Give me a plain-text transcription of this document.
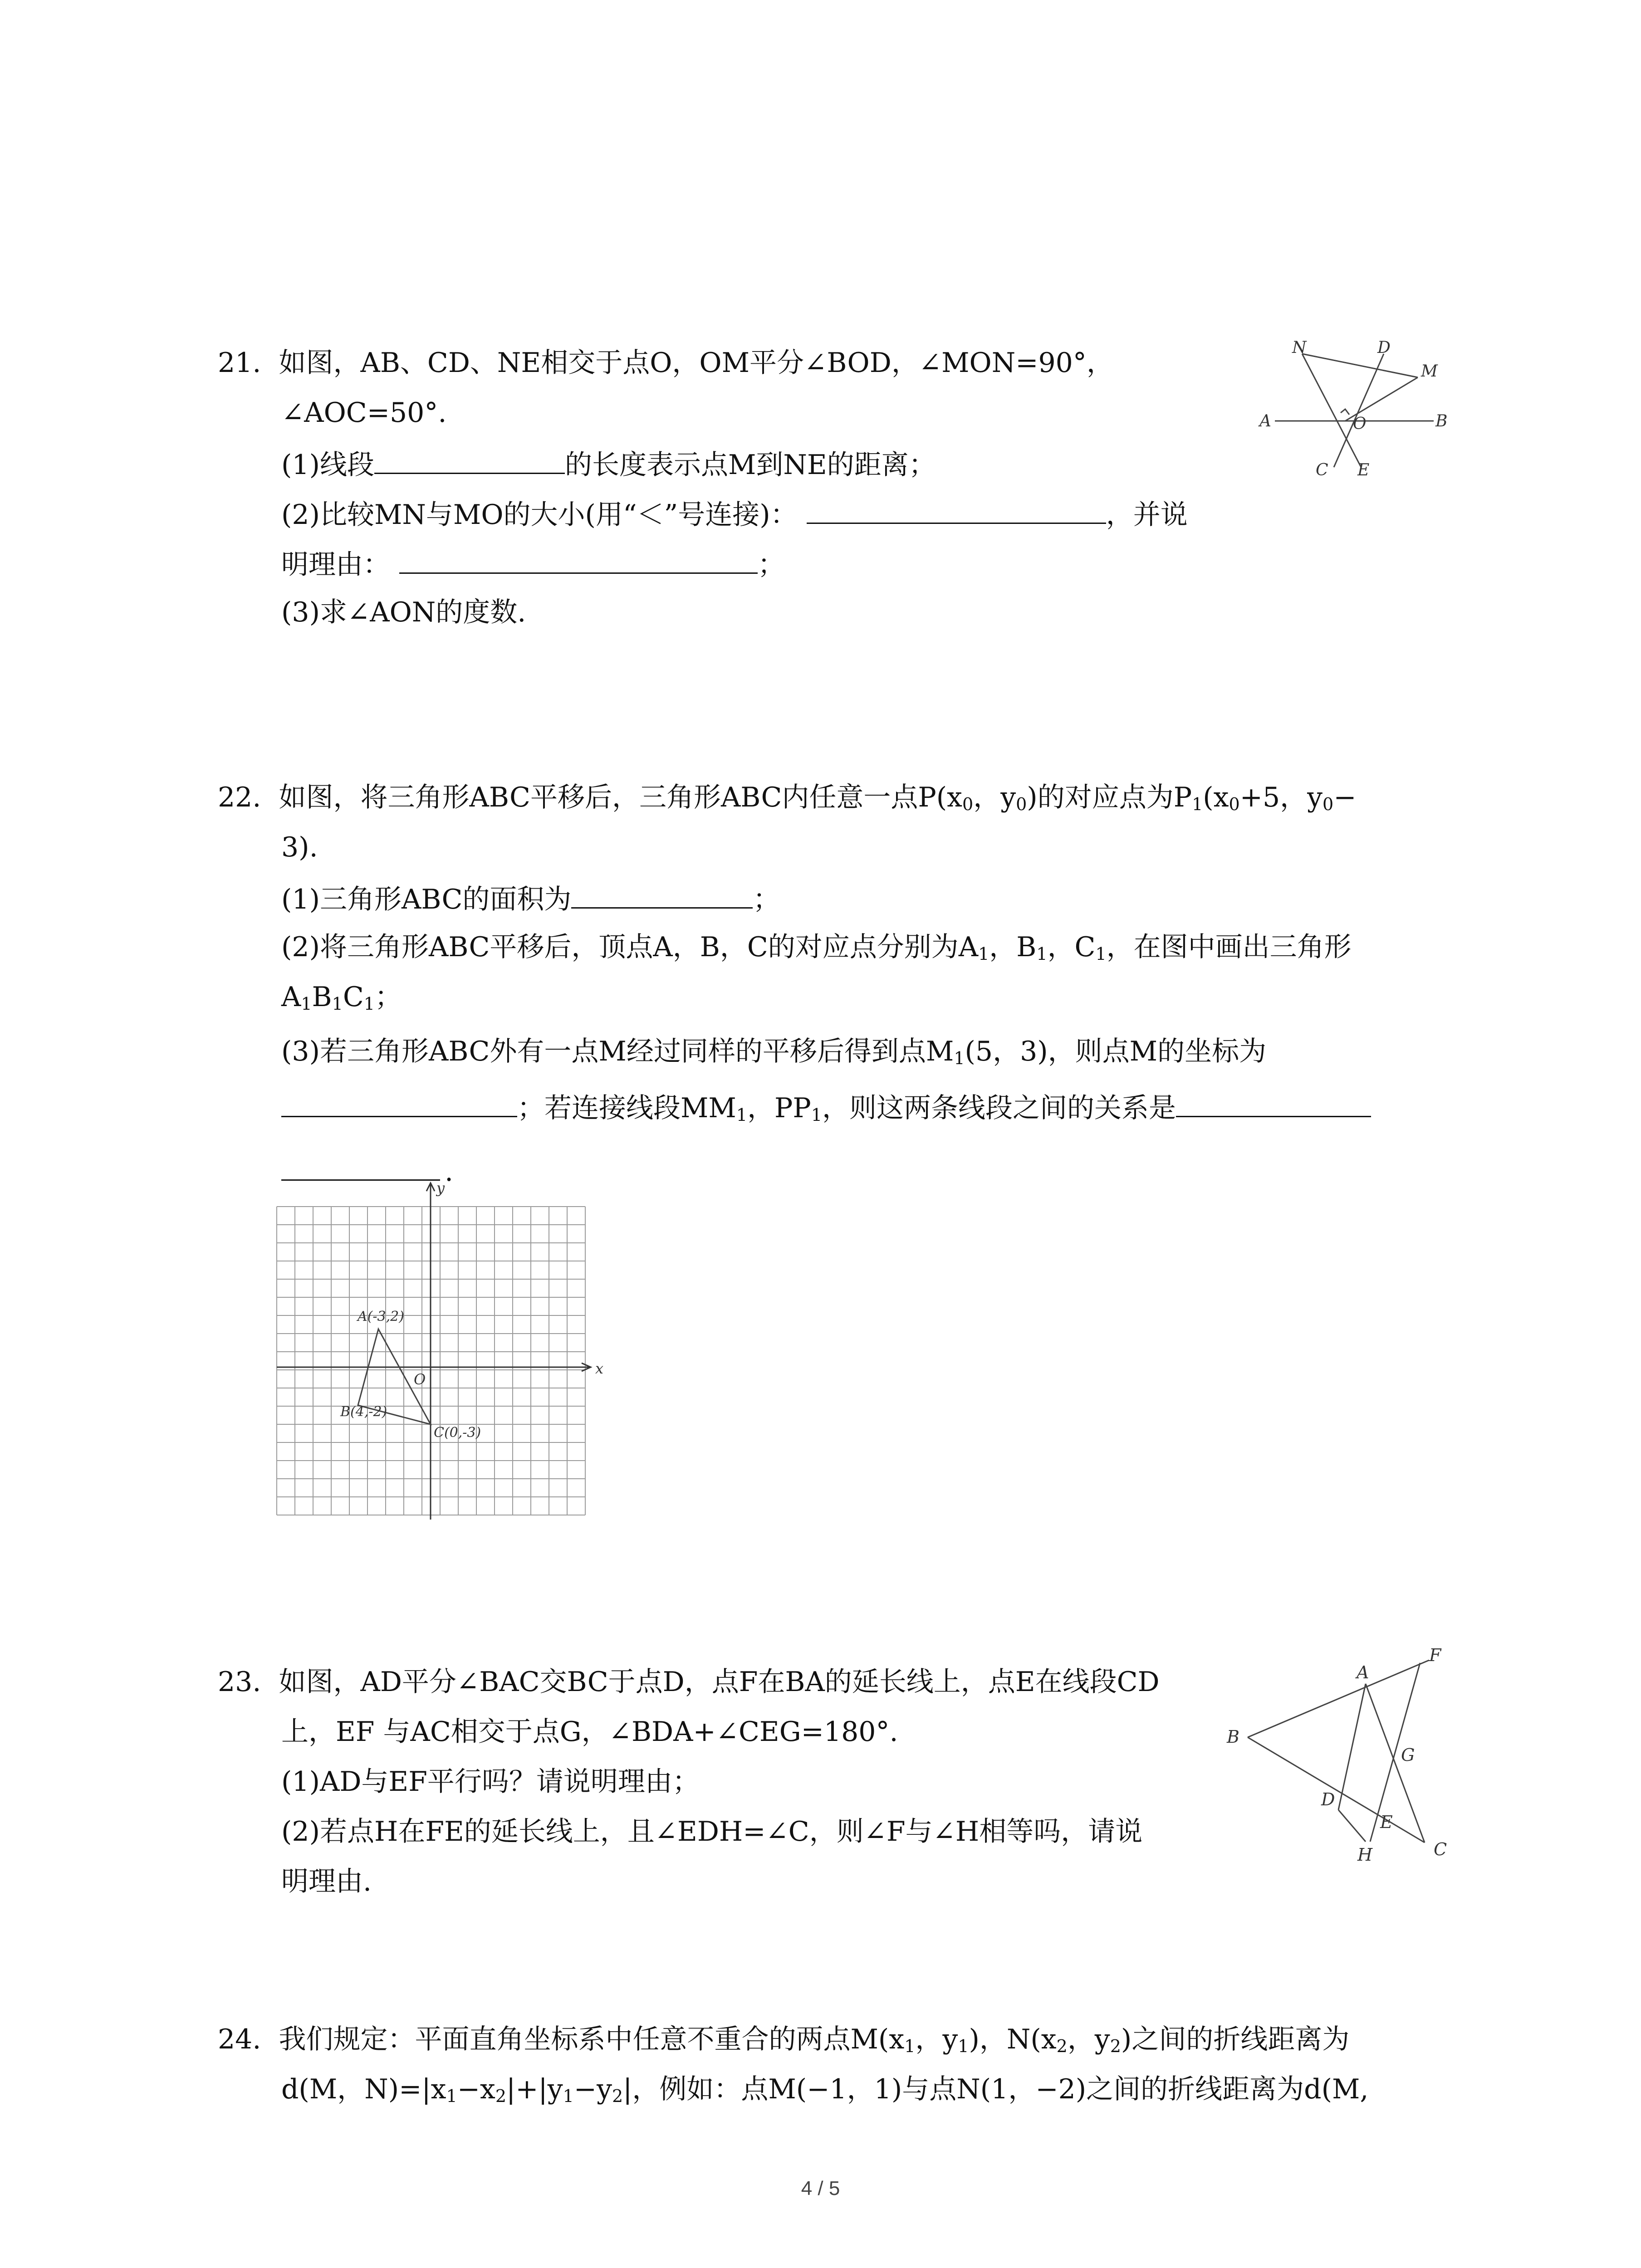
21. 如图，AB、CD、NE相交于点O，OM平分∠BOD，∠MON=90°，
∠AOC=50°.
(1)线段	的长度表示点M到NE的距离；
(2)比较MN与MO的大小(用“＜”号连接)：	，并说
明理由：	；
(3)求∠AON的度数.
N	D
M
A	O	B
C E
22. 如图，将三角形ABC平移后，三角形ABC内任意一点$P(x_0$，$y_0$)的对应点为$P_1(x_0+5$，$y_0-$
3).
(1)三角形ABC的面积为	；
(2)将三角形ABC平移后，顶点A，B，C的对应点分别为$A_1$，$B_1$，$C_1$，在图中画出三角形
$A_1B_1C_1$；
(3)若三角形ABC外有一点M经过同样的平移后得到点$M_1(5$，3)，则点M的坐标为
；若连接线段$MM_1$，$PP_1$，则这两条线段之间的关系是
.
y
x
O
A(-3,2)
B(4,-2)
C(0,-3)
23. 如图，AD平分∠BAC交BC于点D，点F在BA的延长线上，点E在线段CD
上，EF 与AC相交于点G，∠BDA+∠CEG=180°.
(1)AD与EF平行吗？请说明理由；
(2)若点H在FE的延长线上，且∠EDH=∠C，则∠F与∠H相等吗，请说
明理由.
F
A
B
G
D
E
H	C
24. 我们规定：平面直角坐标系中任意不重合的两点$M(x_1$，$y_1$)，$N(x_2$，$y_2$)之间的折线距离为
d(M，$N)=|x_1-x_2|+|y_1-y_2|$，例如：点M(−1，1)与点N(1，−2)之间的折线距离为d(M,
4 / 5
